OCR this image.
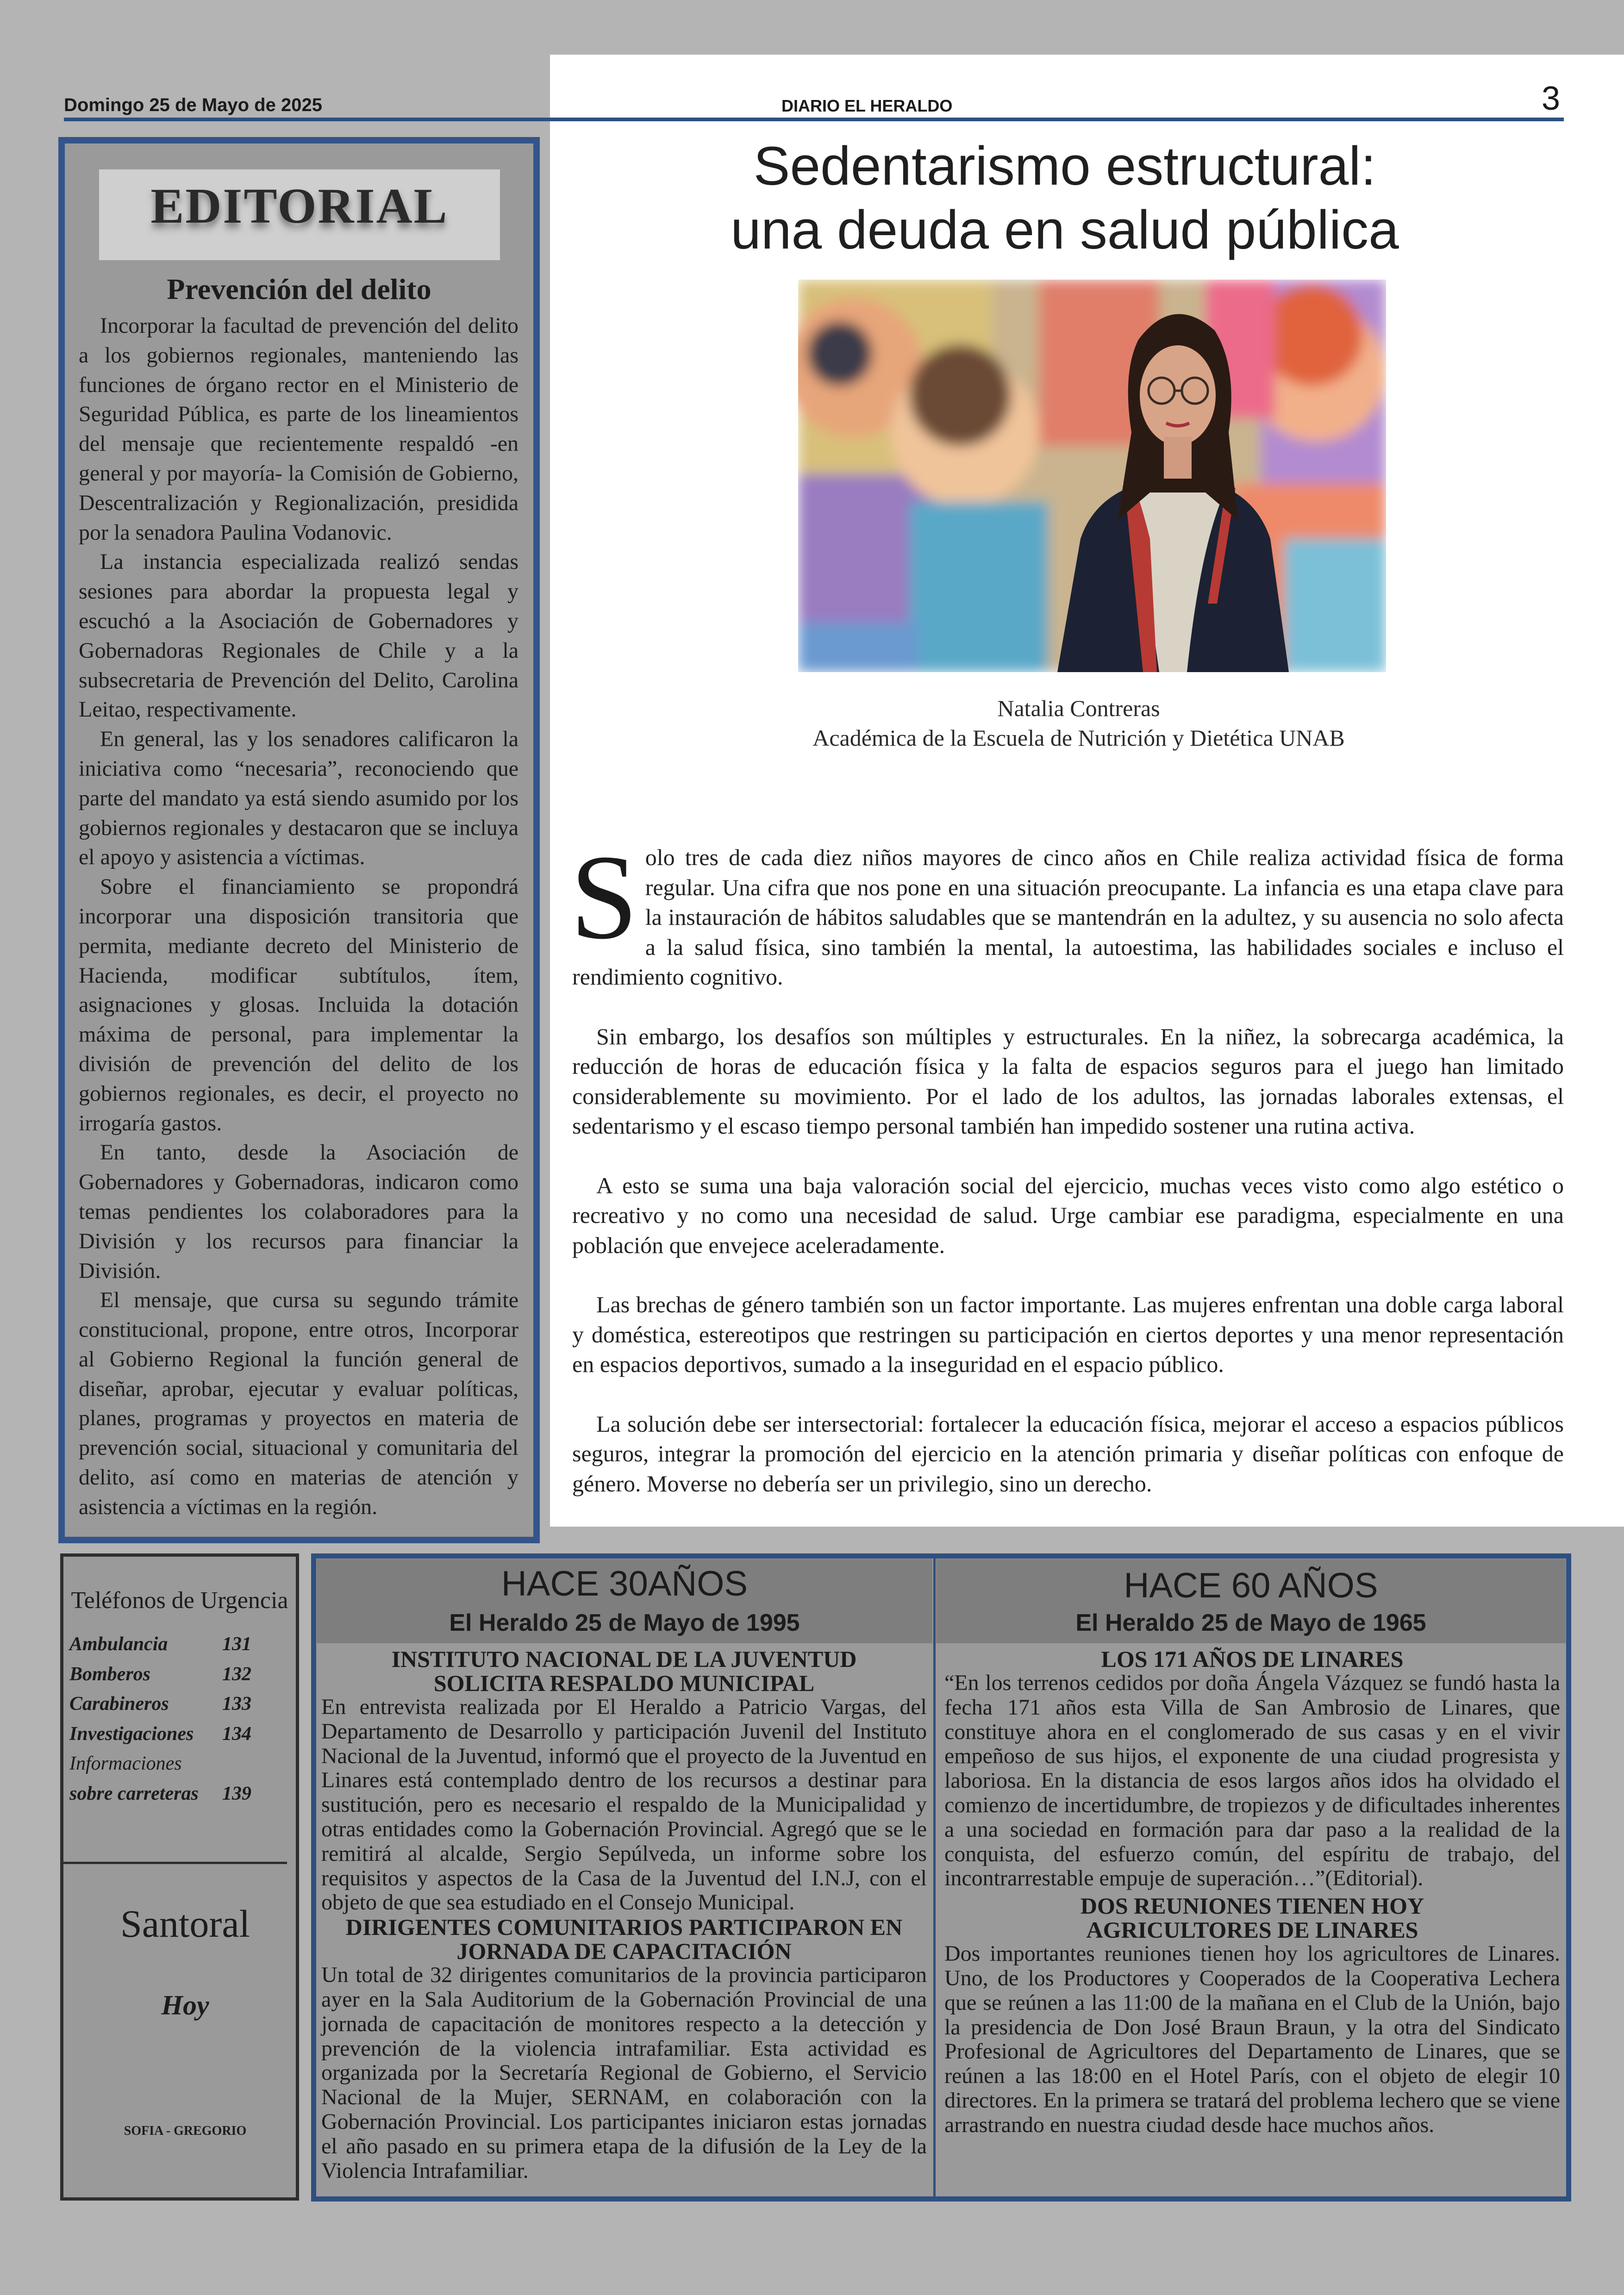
Domingo 25 de Mayo de 2025	DIARIO EL HERALDO	3
EDITORIAL
Prevención del delito

Incorporar la facultad de prevención del delito a los gobiernos regionales, manteniendo las funciones de órgano rector en el Ministerio de Seguridad Pública, es parte de los lineamientos del mensaje que recientemente respaldó -en general y por mayoría- la Comisión de Gobierno, Descentralización y Regionalización, presidida por la senadora Paulina Vodanovic.

La instancia especializada realizó sendas sesiones para abordar la propuesta legal y escuchó a la Asociación de Gobernadores y Gobernadoras Regionales de Chile y a la subsecretaria de Prevención del Delito, Carolina Leitao, respectivamente.

En general, las y los senadores calificaron la iniciativa como “necesaria”, reconociendo que parte del mandato ya está siendo asumido por los gobiernos regionales y destacaron que se incluya el apoyo y asistencia a víctimas.

Sobre el financiamiento se propondrá incorporar una disposición transitoria que permita, mediante decreto del Ministerio de Hacienda, modificar subtítulos, ítem, asignaciones y glosas. Incluida la dotación máxima de personal, para implementar la división de prevención del delito de los gobiernos regionales, es decir, el proyecto no irrogaría gastos.

En tanto, desde la Asociación de Gobernadores y Gobernadoras, indicaron como temas pendientes los colaboradores para la División y los recursos para financiar la División.

El mensaje, que cursa su segundo trámite constitucional, propone, entre otros, Incorporar al Gobierno Regional la función general de diseñar, aprobar, ejecutar y evaluar políticas, planes, programas y proyectos en materia de prevención social, situacional y comunitaria del delito, así como en materias de atención y asistencia a víctimas en la región.

Sedentarismo estructural:
una deuda en salud pública
Natalia Contreras
Académica de la Escuela de Nutrición y Dietética UNAB

Solo tres de cada diez niños mayores de cinco años en Chile realiza actividad física de forma regular. Una cifra que nos pone en una situación preocupante. La infancia es una etapa clave para la instauración de hábitos saludables que se mantendrán en la adultez, y su ausencia no solo afecta a la salud física, sino también la mental, la autoestima, las habilidades sociales e incluso el rendimiento cognitivo.

Sin embargo, los desafíos son múltiples y estructurales. En la niñez, la sobrecarga académica, la reducción de horas de educación física y la falta de espacios seguros para el juego han limitado considerablemente su movimiento. Por el lado de los adultos, las jornadas laborales extensas, el sedentarismo y el escaso tiempo personal también han impedido sostener una rutina activa.

A esto se suma una baja valoración social del ejercicio, muchas veces visto como algo estético o recreativo y no como una necesidad de salud. Urge cambiar ese paradigma, especialmente en una población que envejece aceleradamente.

Las brechas de género también son un factor importante. Las mujeres enfrentan una doble carga laboral y doméstica, estereotipos que restringen su participación en ciertos deportes y una menor representación en espacios deportivos, sumado a la inseguridad en el espacio público.

La solución debe ser intersectorial: fortalecer la educación física, mejorar el acceso a espacios públicos seguros, integrar la promoción del ejercicio en la atención primaria y diseñar políticas con enfoque de género. Moverse no debería ser un privilegio, sino un derecho.

Teléfonos de Urgencia
Ambulancia	131
Bomberos	132
Carabineros	133
Investigaciones	134
Informaciones
sobre carreteras	139
Santoral
Hoy
SOFIA - GREGORIO
HACE 30AÑOS
El Heraldo 25 de Mayo de 1995
HACE 60 AÑOS
El Heraldo 25 de Mayo de 1965
INSTITUTO NACIONAL DE LA JUVENTUD
SOLICITA RESPALDO MUNICIPAL

En entrevista realizada por El Heraldo a Patricio Vargas, del Departamento de Desarrollo y participación Juvenil del Instituto Nacional de la Juventud, informó que el proyecto de la Juventud en Linares está contemplado dentro de los recursos a destinar para sustitución, pero es necesario el respaldo de la Municipalidad y otras entidades como la Gobernación Provincial. Agregó que se le remitirá al alcalde, Sergio Sepúlveda, un informe sobre los requisitos y aspectos de la Casa de la Juventud del I.N.J, con el objeto de que sea estudiado en el Consejo Municipal.

DIRIGENTES COMUNITARIOS PARTICIPARON EN
JORNADA DE CAPACITACIÓN

Un total de 32 dirigentes comunitarios de la provincia participaron ayer en la Sala Auditorium de la Gobernación Provincial de una jornada de capacitación de monitores respecto a la detección y prevención de la violencia intrafamiliar. Esta actividad es organizada por la Secretaría Regional de Gobierno, el Servicio Nacional de la Mujer, SERNAM, en colaboración con la Gobernación Provincial. Los participantes iniciaron estas jornadas el año pasado en su primera etapa de la difusión de la Ley de la Violencia Intrafamiliar.

LOS 171 AÑOS DE LINARES

“En los terrenos cedidos por doña Ángela Vázquez se fundó hasta la fecha 171 años esta Villa de San Ambrosio de Linares, que constituye ahora en el conglomerado de sus casas y en el vivir empeñoso de sus hijos, el exponente de una ciudad progresista y laboriosa. En la distancia de esos largos años idos ha olvidado el comienzo de incertidumbre, de tropiezos y de dificultades inherentes a una sociedad en formación para dar paso a la realidad de la conquista, del esfuerzo común, del espíritu de trabajo, del incontrarrestable empuje de superación…”(Editorial).

DOS REUNIONES TIENEN HOY
AGRICULTORES DE LINARES

Dos importantes reuniones tienen hoy los agricultores de Linares. Uno, de los Productores y Cooperados de la Cooperativa Lechera que se reúnen a las 11:00 de la mañana en el Club de la Unión, bajo la presidencia de Don José Braun Braun, y la otra del Sindicato Profesional de Agricultores del Departamento de Linares, que se reúnen a las 18:00 en el Hotel París, con el objeto de elegir 10 directores. En la primera se tratará del problema lechero que se viene arrastrando en nuestra ciudad desde hace muchos años.
